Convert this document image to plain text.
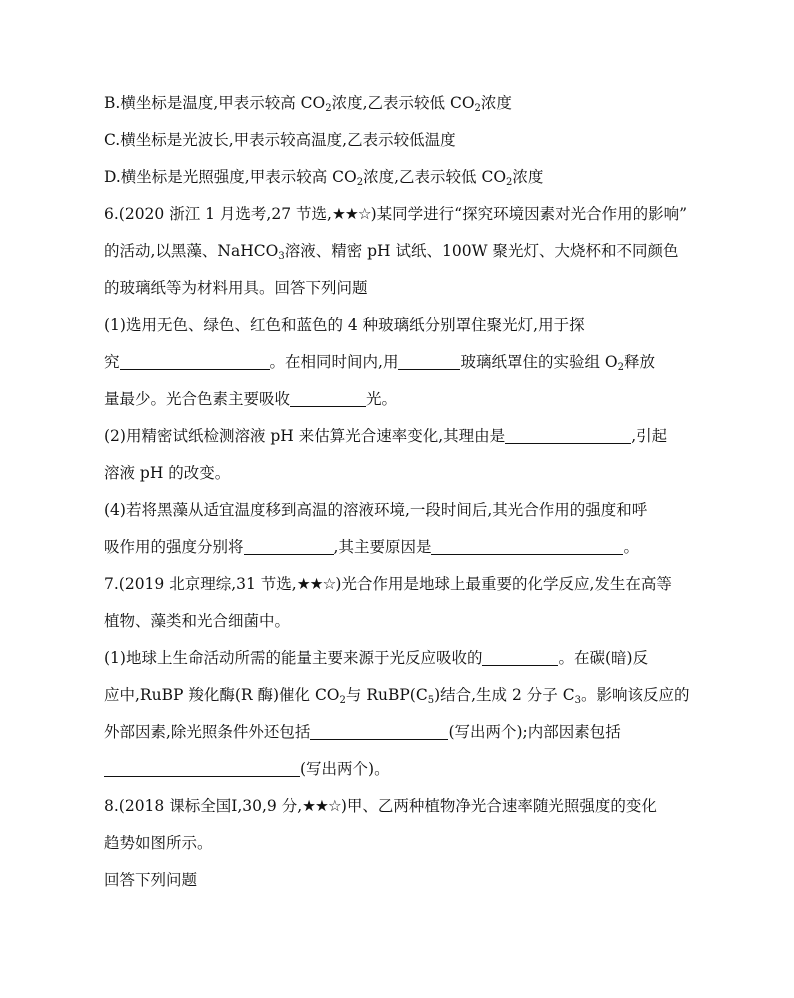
B.横坐标是温度,甲表示较高 $CO_2$浓度,乙表示较低 $CO_2$浓度
C.横坐标是光波长,甲表示较高温度,乙表示较低温度
D.横坐标是光照强度,甲表示较高 $CO_2$浓度,乙表示较低 $CO_2$浓度
6.(2020 浙江 1 月选考,27 节选,★★☆)某同学进行“探究环境因素对光合作用的影响”
的活动,以黑藻、NaHCO$_3$溶液、精密 pH 试纸、100W 聚光灯、大烧杯和不同颜色
的玻璃纸等为材料用具。回答下列问题
(1)选用无色、绿色、红色和蓝色的 4 种玻璃纸分别罩住聚光灯,用于探
究	。在相同时间内,用	玻璃纸罩住的实验组 $O_2$释放
量最少。光合色素主要吸收	光。
(2)用精密试纸检测溶液 pH 来估算光合速率变化,其理由是	,引起
溶液 pH 的改变。
(4)若将黑藻从适宜温度移到高温的溶液环境,一段时间后,其光合作用的强度和呼
吸作用的强度分别将	,其主要原因是	。
7.(2019 北京理综,31 节选,★★☆)光合作用是地球上最重要的化学反应,发生在高等
植物、藻类和光合细菌中。
(1)地球上生命活动所需的能量主要来源于光反应吸收的	。在碳(暗)反
应中,RuBP 羧化酶(R 酶)催化 $CO_2$与 $RuBP(C_5)$结合,生成 2 分子 $C_3$。影响该反应的
外部因素,除光照条件外还包括	(写出两个);内部因素包括
(写出两个)。
8.(2018 课标全国Ⅰ,30,9 分,★★☆)甲、乙两种植物净光合速率随光照强度的变化
趋势如图所示。
回答下列问题
